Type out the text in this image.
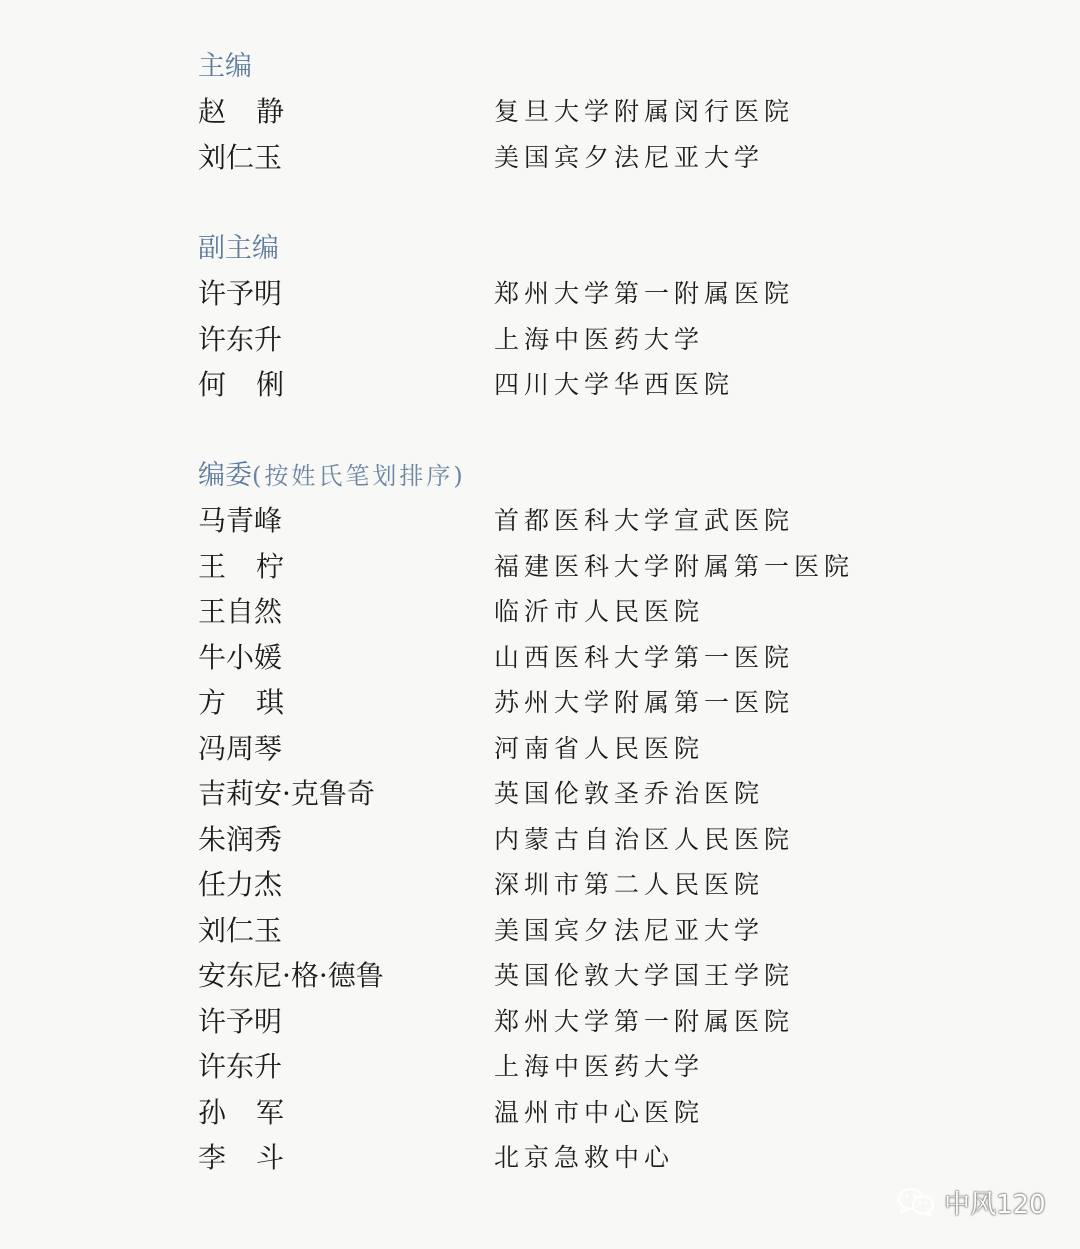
主编
赵 静	复旦大学附属闵行医院
刘仁玉	美国宾夕法尼亚大学
副主编
许予明	郑州大学第一附属医院
许东升	上海中医药大学
何 俐	四川大学华西医院
编委(按姓氏笔划排序)
马青峰	首都医科大学宣武医院
王 柠	福建医科大学附属第一医院
王自然	临沂市人民医院
牛小媛	山西医科大学第一医院
方 琪	苏州大学附属第一医院
冯周琴	河南省人民医院
吉莉安·克鲁奇	英国伦敦圣乔治医院
朱润秀	内蒙古自治区人民医院
任力杰	深圳市第二人民医院
刘仁玉	美国宾夕法尼亚大学
安东尼·格·德鲁	英国伦敦大学国王学院
许予明	郑州大学第一附属医院
许东升	上海中医药大学
孙 军	温州市中心医院
李 斗	北京急救中心
中风120
